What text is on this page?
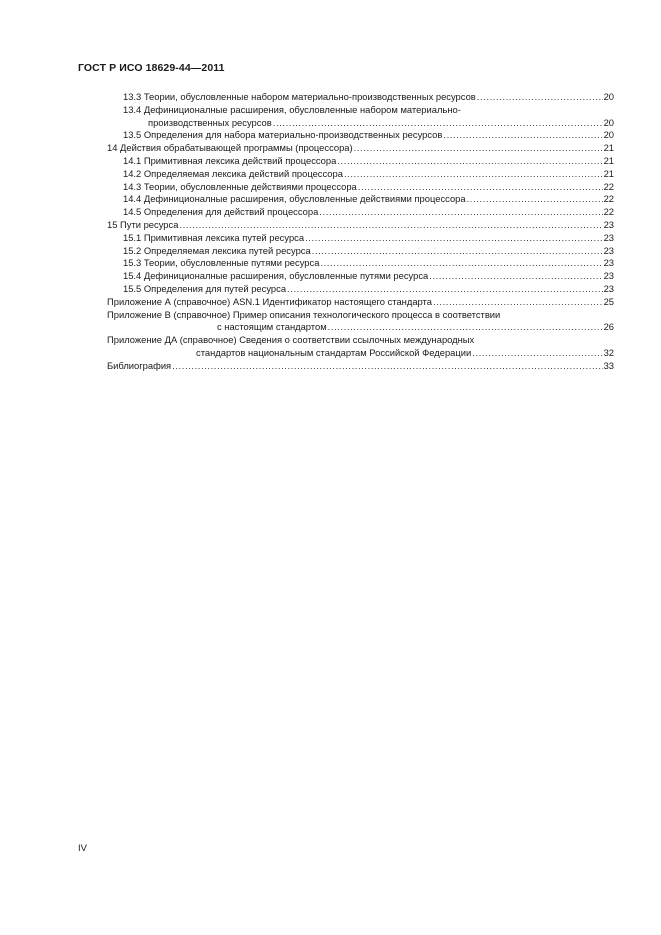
ГОСТ Р ИСО 18629-44—2011
13.3 Теории, обусловленные набором материально-производственных ресурсов .....	20
13.4 Дефиниционалные расширения, обусловленные набором материально-
производственных ресурсов .....	20
13.5 Определения для набора материально-производственных ресурсов .....	20
14 Действия обрабатывающей программы (процессора) .....	21
14.1 Примитивная лексика действий процессора .....	21
14.2 Определяемая лексика действий процессора .....	21
14.3 Теории, обусловленные действиями процессора .....	22
14.4 Дефиниционалные расширения, обусловленные действиями процессора .....	22
14.5 Определения для действий процессора .....	22
15 Пути ресурса .....	23
15.1 Примитивная лексика путей ресурса .....	23
15.2 Определяемая лексика путей ресурса .....	23
15.3 Теории, обусловленные путями ресурса .....	23
15.4 Дефиниционалные расширения, обусловленные путями ресурса .....	23
15.5 Определения для путей ресурса .....	23
Приложение А (справочное) ASN.1 Идентификатор настоящего стандарта .....	25
Приложение В (справочное) Пример описания технологического процесса в соответствии
с настоящим стандартом .....	26
Приложение ДА (справочное) Сведения о соответствии ссылочных международных
стандартов национальным стандартам Российской Федерации .....	32
Библиография .....	33
IV
